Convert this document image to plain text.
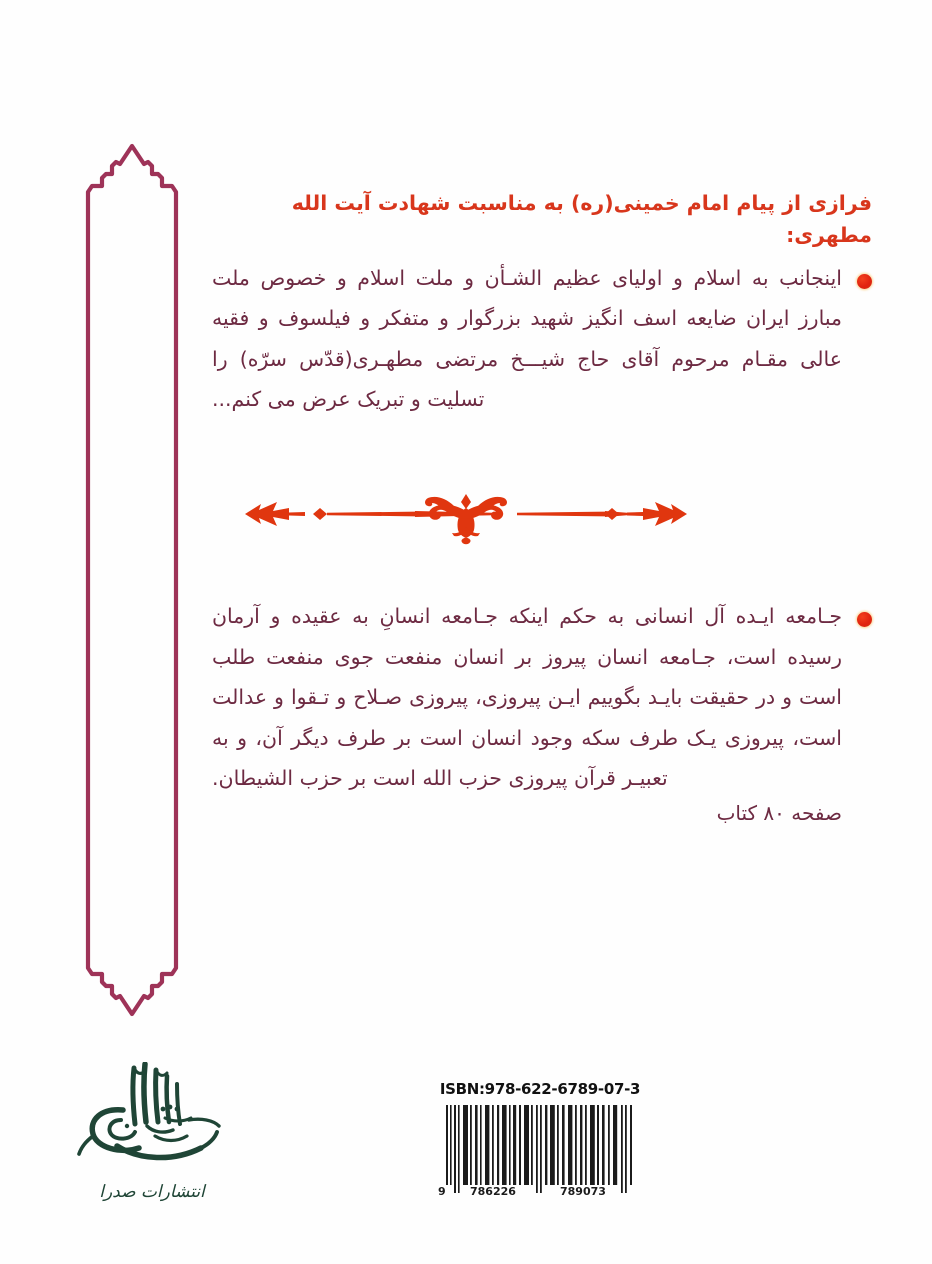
فرازی از پیام امام خمینی(ره) به مناسبت شهادت آیت الله مطهری:

اینجانب به اسلام و اولیای عظیم الشـأن و ملت اسلام و خصوص ملت مبارز ایران ضایعه اسف انگیز شهید بزرگوار و متفکر و فیلسوف و فقیه عالی مقـام مرحوم آقای حاج شیـــخ مرتضی مطهـری(قدّس سرّه) را تسلیت و تبریک عرض می کنم...

جـامعه ایـده آل انسانی به حکم اینکه جـامعه انسانِ به عقیده و آرمان رسیده است، جـامعه انسان پیروز بر انسان منفعت جوی منفعت طلب است و در حقیقت بایـد بگوییم ایـن پیروزی، پیروزی صـلاح و تـقوا و عدالت است، پیروزی یـک طرف سکه وجود انسان است بر طرف دیگر آن، و به تعبیـر قرآن پیروزی حزب الله است بر حزب الشیطان.

صفحه ۸۰ کتاب

انتشارات صدرا

ISBN:978-622-6789-07-3

9 786226	789073
